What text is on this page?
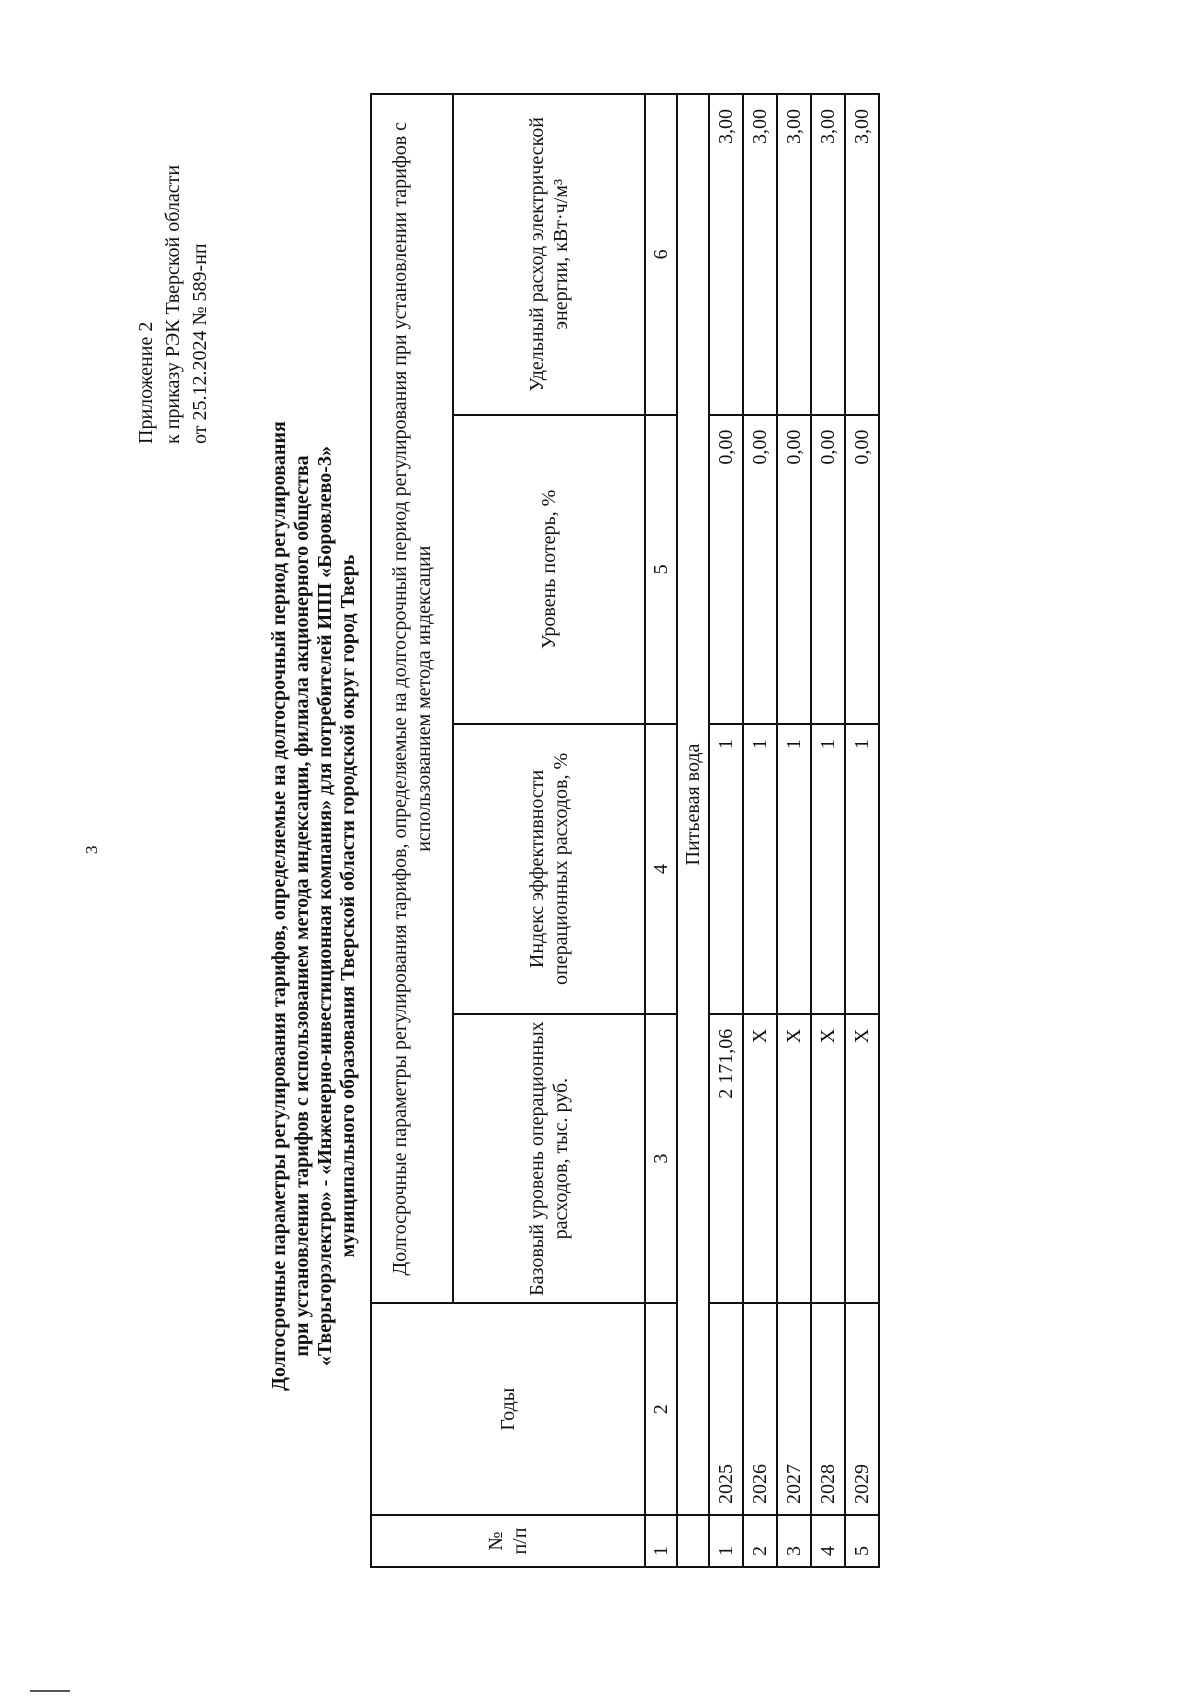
3
Приложение 2 к приказу РЭК Тверской области от 25.12.2024 № 589-нп
Долгосрочные параметры регулирования тарифов, определяемые на долгосрочный период регулирования при установлении тарифов с использованием метода индексации, филиала акционерного общества «Тверьгорэлектро» - «Инженерно-инвестиционная компания» для потребителей ИПП «Боровлево-3» муниципального образования Тверской области городской округ город Тверь
№ п/п	Годы	Долгосрочные параметры регулирования тарифов, определяемые на долгосрочный период регулирования при установлении тарифов с использованием метода индексации			
		Базовый уровень операционных расходов, тыс. руб.	Индекс эффективности операционных расходов, %	Уровень потерь, %	Удельный расход электрической энергии, кВт·ч/м³
1	2	3	4	5	6
	Питьевая вода				
1	2025	2 171,06	1	0,00	3,00
2	2026	Х	1	0,00	3,00
3	2027	Х	1	0,00	3,00
4	2028	Х	1	0,00	3,00
5	2029	Х	1	0,00	3,00
